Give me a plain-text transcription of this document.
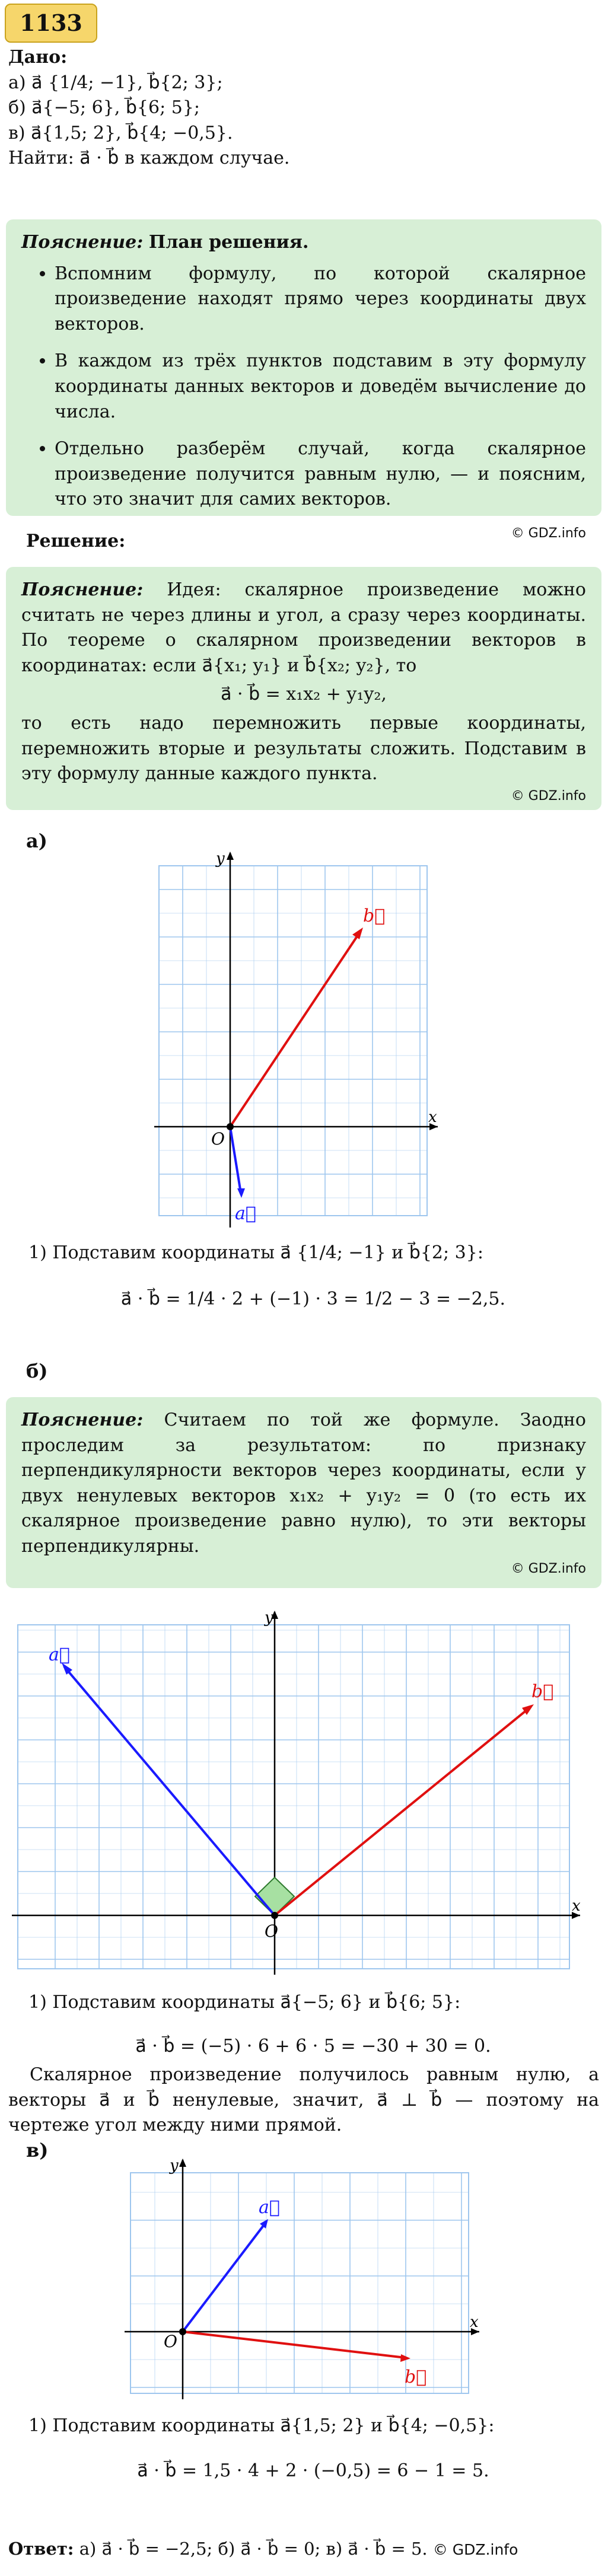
1133
Дано:
а) a⃗ {1/4; −1}, b⃗{2; 3};
б) a⃗{−5; 6}, b⃗{6; 5};
в) a⃗{1,5; 2}, b⃗{4; −0,5}.
Найти: a⃗ · b⃗ в каждом случае.

Пояснение: План решения.

• Вспомним формулу, по которой скалярное произведение находят прямо через координаты двух векторов.
• В каждом из трёх пунктов подставим в эту формулу координаты данных векторов и доведём вычисление до числа.
• Отдельно разберём случай, когда скалярное произведение получится равным нулю, — и поясним, что это значит для самих векторов.
© GDZ.info
Решение:

Пояснение: Идея: скалярное произведение можно считать не через длины и угол, а сразу через координаты. По теореме о скалярном произведении векторов в координатах: если a⃗{x₁; y₁} и b⃗{x₂; y₂}, то

a⃗ · b⃗ = x₁x₂ + y₁y₂,

то есть надо перемножить первые координаты, перемножить вторые и результаты сложить. Подставим в эту формулу данные каждого пункта.

© GDZ.info
а)
x
y
O
b⃗
a⃗
1) Подставим координаты a⃗ {1/4; −1} и b⃗{2; 3}:
a⃗ · b⃗ = 1/4 · 2 + (−1) · 3 = 1/2 − 3 = −2,5.
б)

Пояснение: Считаем по той же формуле. Заодно проследим за результатом: по признаку перпендикулярности векторов через координаты, если у двух ненулевых векторов x₁x₂ + y₁y₂ = 0 (то есть их скалярное произведение равно нулю), то эти векторы перпендикулярны.

© GDZ.info
x
y
O
a⃗
b⃗
1) Подставим координаты a⃗{−5; 6} и b⃗{6; 5}:
a⃗ · b⃗ = (−5) · 6 + 6 · 5 = −30 + 30 = 0.
Скалярное произведение получилось равным нулю, а векторы a⃗ и b⃗ ненулевые, значит, a⃗ ⊥ b⃗ — поэтому на чертеже угол между ними прямой.
в)
x
y
O
a⃗
b⃗
1) Подставим координаты a⃗{1,5; 2} и b⃗{4; −0,5}:
a⃗ · b⃗ = 1,5 · 4 + 2 · (−0,5) = 6 − 1 = 5.
Ответ: а) a⃗ · b⃗ = −2,5; б) a⃗ · b⃗ = 0; в) a⃗ · b⃗ = 5. © GDZ.info
